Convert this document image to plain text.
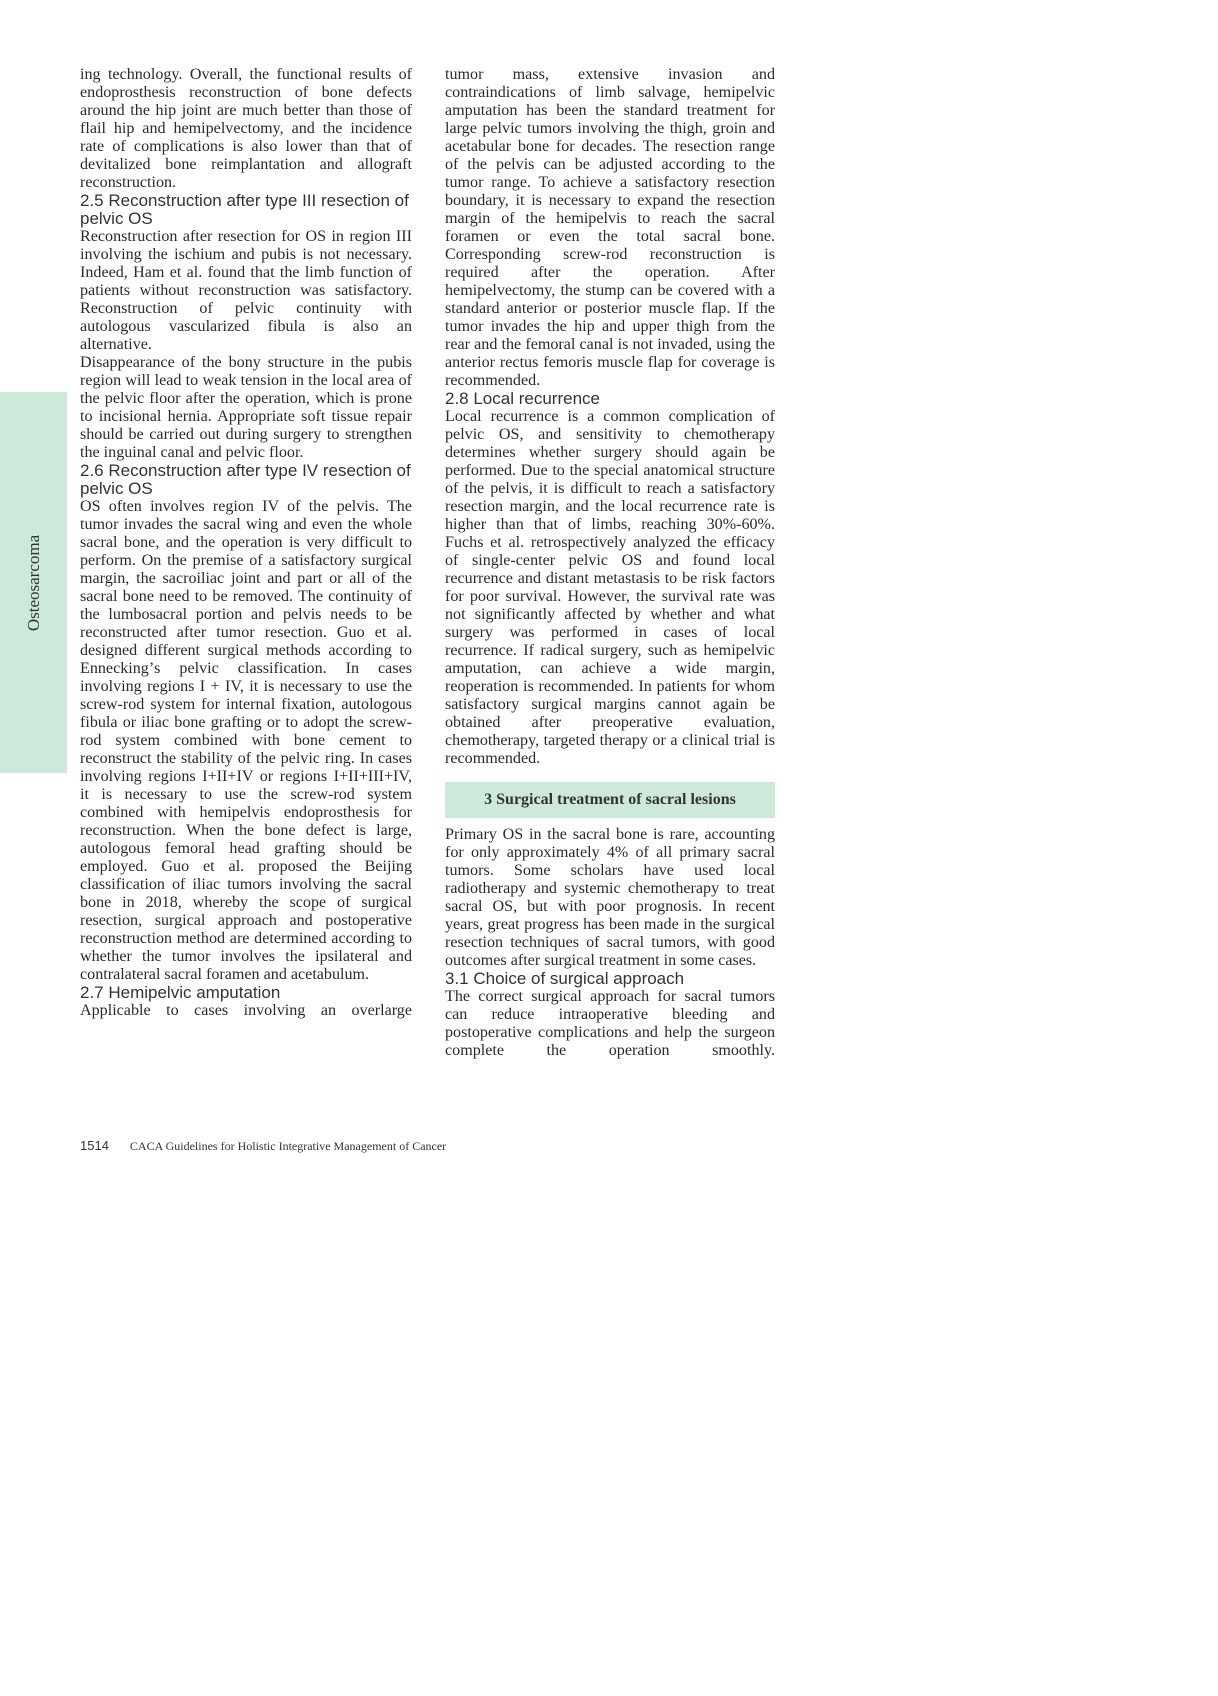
Osteosarcoma

ing technology. Overall, the functional results of endoprosthesis reconstruction of bone defects around the hip joint are much better than those of flail hip and hemipelvectomy, and the incidence rate of complications is also lower than that of devitalized bone reimplantation and allograft reconstruction.

2.5 Reconstruction after type III resection of pelvic OS

Reconstruction after resection for OS in region III involving the ischium and pubis is not necessary. Indeed, Ham et al. found that the limb function of patients without reconstruction was satisfactory. Reconstruction of pelvic continuity with autologous vascularized fibula is also an alternative.

Disappearance of the bony structure in the pubis region will lead to weak tension in the local area of the pelvic floor after the operation, which is prone to incisional hernia. Appropriate soft tissue repair should be carried out during surgery to strengthen the inguinal canal and pelvic floor.

2.6 Reconstruction after type IV resection of pelvic OS

OS often involves region IV of the pelvis. The tumor invades the sacral wing and even the whole sacral bone, and the operation is very difficult to perform. On the premise of a satisfactory surgical margin, the sacroiliac joint and part or all of the sacral bone need to be removed. The continuity of the lumbosacral portion and pelvis needs to be reconstructed after tumor resection. Guo et al. designed different surgical methods according to Enneckingʼs pelvic classification. In cases involving regions I + IV, it is necessary to use the screw-rod system for internal fixation, autologous fibula or iliac bone grafting or to adopt the screw-rod system combined with bone cement to reconstruct the stability of the pelvic ring. In cases involving regions I+II+IV or regions I+II+III+IV, it is necessary to use the screw-rod system combined with hemipelvis endoprosthesis for reconstruction. When the bone defect is large, autologous femoral head grafting should be employed. Guo et al. proposed the Beijing classification of iliac tumors involving the sacral bone in 2018, whereby the scope of surgical resection, surgical approach and postoperative reconstruction method are determined according to whether the tumor involves the ipsilateral and contralateral sacral foramen and acetabulum.

2.7 Hemipelvic amputation

Applicable to cases involving an overlarge

tumor mass, extensive invasion and contraindications of limb salvage, hemipelvic amputation has been the standard treatment for large pelvic tumors involving the thigh, groin and acetabular bone for decades. The resection range of the pelvis can be adjusted according to the tumor range. To achieve a satisfactory resection boundary, it is necessary to expand the resection margin of the hemipelvis to reach the sacral foramen or even the total sacral bone. Corresponding screw-rod reconstruction is required after the operation. After hemipelvectomy, the stump can be covered with a standard anterior or posterior muscle flap. If the tumor invades the hip and upper thigh from the rear and the femoral canal is not invaded, using the anterior rectus femoris muscle flap for coverage is recommended.

2.8 Local recurrence

Local recurrence is a common complication of pelvic OS, and sensitivity to chemotherapy determines whether surgery should again be performed. Due to the special anatomical structure of the pelvis, it is difficult to reach a satisfactory resection margin, and the local recurrence rate is higher than that of limbs, reaching 30%-60%. Fuchs et al. retrospectively analyzed the efficacy of single-center pelvic OS and found local recurrence and distant metastasis to be risk factors for poor survival. However, the survival rate was not significantly affected by whether and what surgery was performed in cases of local recurrence. If radical surgery, such as hemipelvic amputation, can achieve a wide margin, reoperation is recommended. In patients for whom satisfactory surgical margins cannot again be obtained after preoperative evaluation, chemotherapy, targeted therapy or a clinical trial is recommended.

3 Surgical treatment of sacral lesions

Primary OS in the sacral bone is rare, accounting for only approximately 4% of all primary sacral tumors. Some scholars have used local radiotherapy and systemic chemotherapy to treat sacral OS, but with poor prognosis. In recent years, great progress has been made in the surgical resection techniques of sacral tumors, with good outcomes after surgical treatment in some cases.

3.1 Choice of surgical approach

The correct surgical approach for sacral tumors can reduce intraoperative bleeding and postoperative complications and help the surgeon complete the operation smoothly.

1514 CACA Guidelines for Holistic Integrative Management of Cancer
